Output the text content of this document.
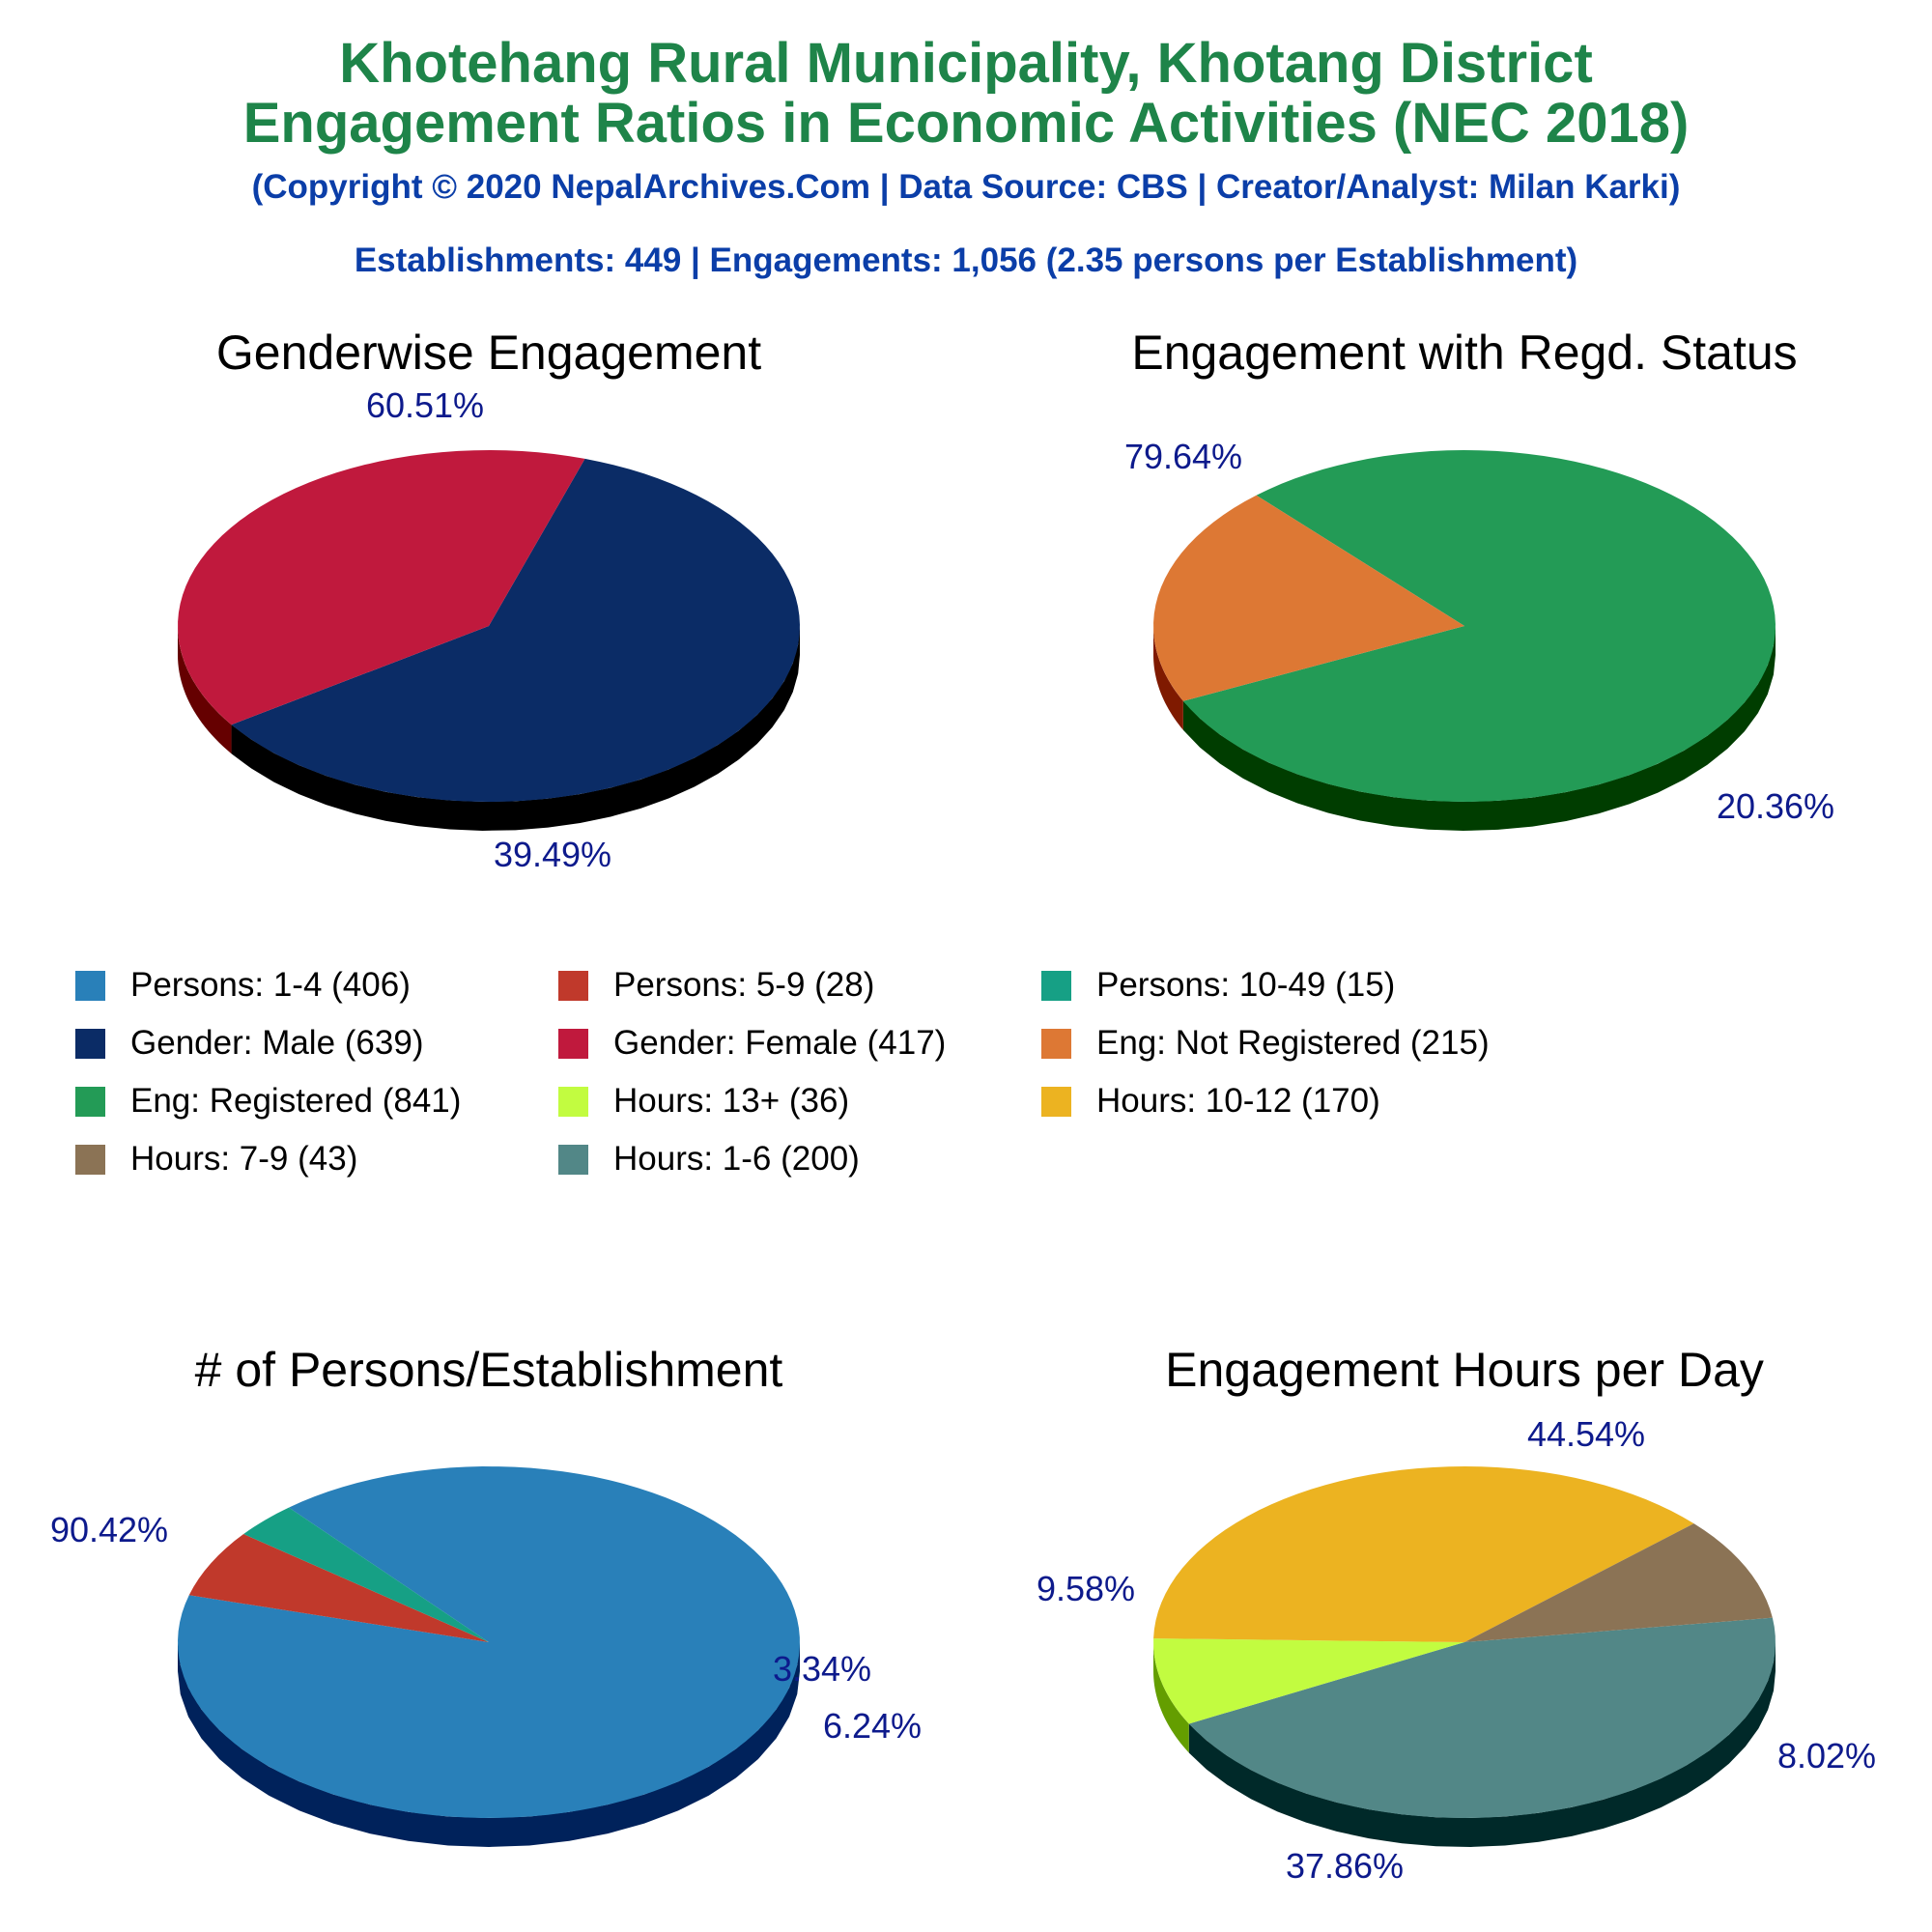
Khotehang Rural Municipality, Khotang District
Engagement Ratios in Economic Activities (NEC 2018)
(Copyright © 2020 NepalArchives.Com | Data Source: CBS | Creator/Analyst: Milan Karki)
Establishments: 449 | Engagements: 1,056 (2.35 persons per Establishment)
Genderwise Engagement
60.51%
39.49%
Engagement with Regd. Status
79.64%
20.36%
# of Persons/Establishment
90.42%
6.24%
3.34%
Engagement Hours per Day
44.54%
8.02%
37.86%
9.58%
Persons: 1-4 (406)	Persons: 5-9 (28)	Persons: 10-49 (15)
Gender: Male (639)	Gender: Female (417)	Eng: Not Registered (215)
Eng: Registered (841)	Hours: 13+ (36)	Hours: 10-12 (170)
Hours: 7-9 (43)	Hours: 1-6 (200)
